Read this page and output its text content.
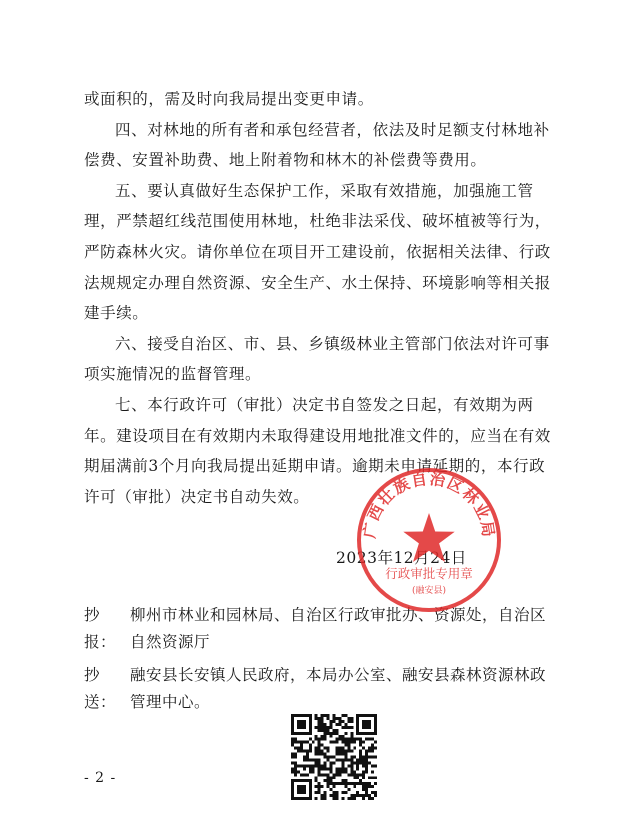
或面积的，需及时向我局提出变更申请。

四、对林地的所有者和承包经营者，依法及时足额支付林地补偿费、安置补助费、地上附着物和林木的补偿费等费用。

五、要认真做好生态保护工作，采取有效措施，加强施工管理，严禁超红线范围使用林地，杜绝非法采伐、破坏植被等行为，严防森林火灾。请你单位在项目开工建设前，依据相关法律、行政法规规定办理自然资源、安全生产、水土保持、环境影响等相关报建手续。

六、接受自治区、市、县、乡镇级林业主管部门依法对许可事项实施情况的监督管理。

七、本行政许可（审批）决定书自签发之日起，有效期为两年。建设项目在有效期内未取得建设用地批准文件的，应当在有效期届满前3个月向我局提出延期申请。逾期未申请延期的，本行政许可（审批）决定书自动失效。

2023年12月24日
广西壮族自治区林业局
行政审批专用章
(融安县)
抄报：柳州市林业和园林局、自治区行政审批办、资源处，自治区自然资源厅
抄送：融安县长安镇人民政府，本局办公室、融安县森林资源林政管理中心。
- 2 -
